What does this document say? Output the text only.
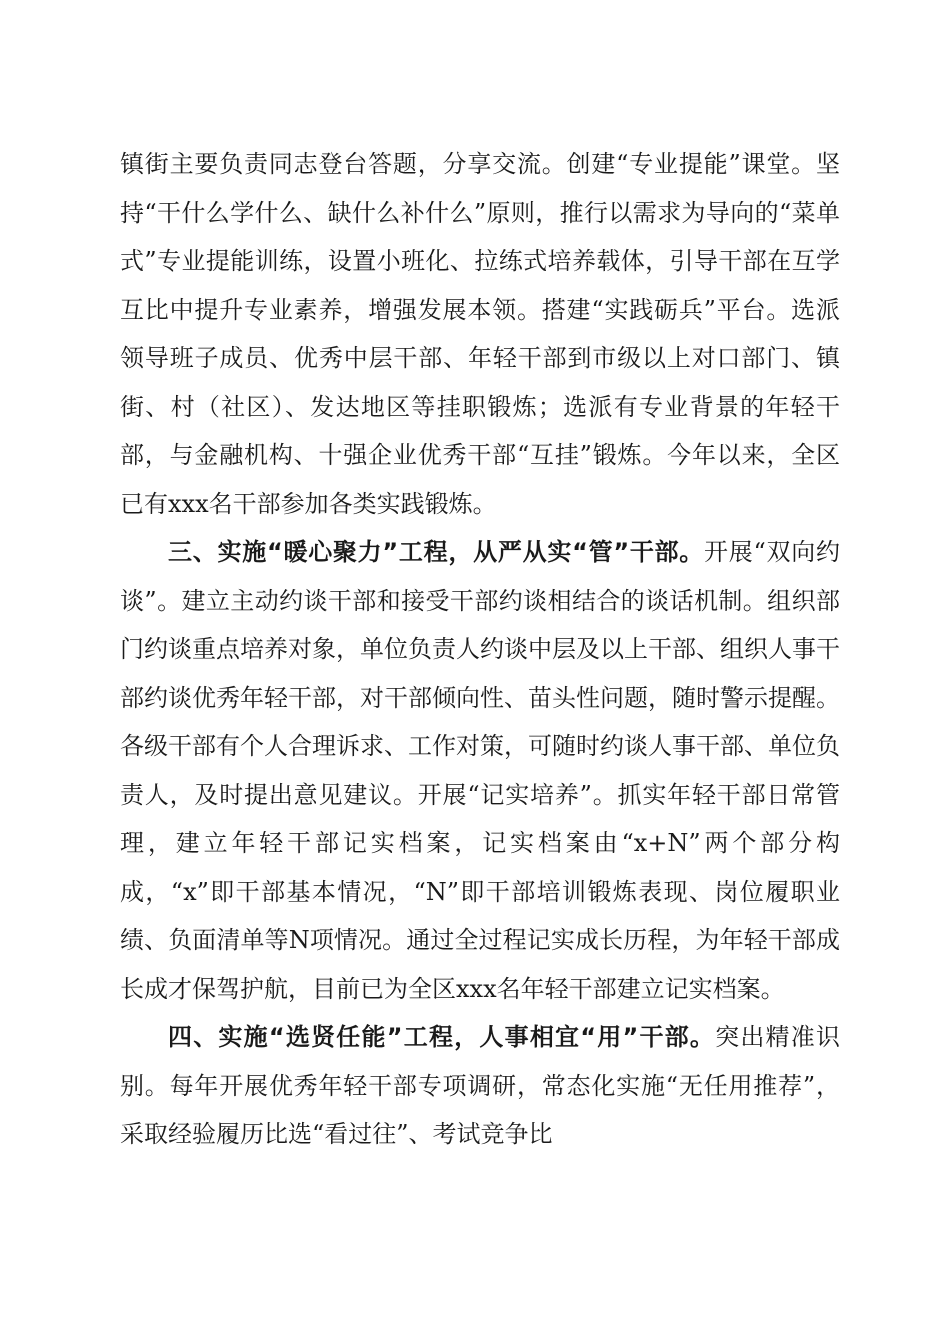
镇街主要负责同志登台答题，分享交流。创建“专业提能”课堂。坚持“干什么学什么、缺什么补什么”原则，推行以需求为导向的“菜单式”专业提能训练，设置小班化、拉练式培养载体，引导干部在互学互比中提升专业素养，增强发展本领。搭建“实践砺兵”平台。选派领导班子成员、优秀中层干部、年轻干部到市级以上对口部门、镇街、村（社区）、发达地区等挂职锻炼；选派有专业背景的年轻干部，与金融机构、十强企业优秀干部“互挂”锻炼。今年以来，全区已有xxx名干部参加各类实践锻炼。

三、实施“暖心聚力”工程，从严从实“管”干部。开展“双向约谈”。建立主动约谈干部和接受干部约谈相结合的谈话机制。组织部门约谈重点培养对象，单位负责人约谈中层及以上干部、组织人事干部约谈优秀年轻干部，对干部倾向性、苗头性问题，随时警示提醒。各级干部有个人合理诉求、工作对策，可随时约谈人事干部、单位负责人，及时提出意见建议。开展“记实培养”。抓实年轻干部日常管理，建立年轻干部记实档案，记实档案由“x+N”两个部分构成，“x”即干部基本情况，“N”即干部培训锻炼表现、岗位履职业绩、负面清单等N项情况。通过全过程记实成长历程，为年轻干部成长成才保驾护航，目前已为全区xxx名年轻干部建立记实档案。

四、实施“选贤任能”工程，人事相宜“用”干部。突出精准识别。每年开展优秀年轻干部专项调研，常态化实施“无任用推荐”，采取经验履历比选“看过往”、考试竞争比
